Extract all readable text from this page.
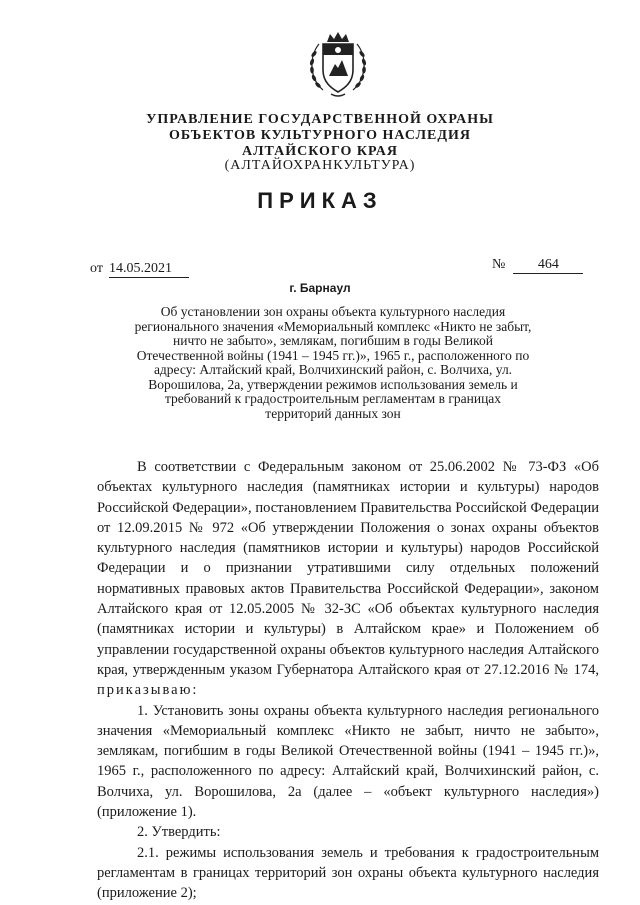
УПРАВЛЕНИЕ ГОСУДАРСТВЕННОЙ ОХРАНЫ
ОБЪЕКТОВ КУЛЬТУРНОГО НАСЛЕДИЯ
АЛТАЙСКОГО КРАЯ
(АЛТАЙОХРАНКУЛЬТУРА)
ПРИКАЗ
от 14.05.2021	№ 464
г. Барнаул
Об установлении зон охраны объекта культурного наследия регионального значения «Мемориальный комплекс «Никто не забыт, ничто не забыто», землякам, погибшим в годы Великой Отечественной войны (1941 – 1945 гг.)», 1965 г., расположенного по адресу: Алтайский край, Волчихинский район, с. Волчиха, ул. Ворошилова, 2а, утверждении режимов использования земель и требований к градостроительным регламентам в границах территорий данных зон

В соответствии с Федеральным законом от 25.06.2002 № 73-ФЗ «Об объектах культурного наследия (памятниках истории и культуры) народов Российской Федерации», постановлением Правительства Российской Федерации от 12.09.2015 № 972 «Об утверждении Положения о зонах охраны объектов культурного наследия (памятников истории и культуры) народов Российской Федерации и о признании утратившими силу отдельных положений нормативных правовых актов Правительства Российской Федерации», законом Алтайского края от 12.05.2005 № 32-ЗС «Об объектах культурного наследия (памятниках истории и культуры) в Алтайском крае» и Положением об управлении государственной охраны объектов культурного наследия Алтайского края, утвержденным указом Губернатора Алтайского края от 27.12.2016 № 174, приказываю:

1. Установить зоны охраны объекта культурного наследия регионального значения «Мемориальный комплекс «Никто не забыт, ничто не забыто», землякам, погибшим в годы Великой Отечественной войны (1941 – 1945 гг.)», 1965 г., расположенного по адресу: Алтайский край, Волчихинский район, с. Волчиха, ул. Ворошилова, 2а (далее – «объект культурного наследия») (приложение 1).

2. Утвердить:

2.1. режимы использования земель и требования к градостроительным регламентам в границах территорий зон охраны объекта культурного наследия (приложение 2);
